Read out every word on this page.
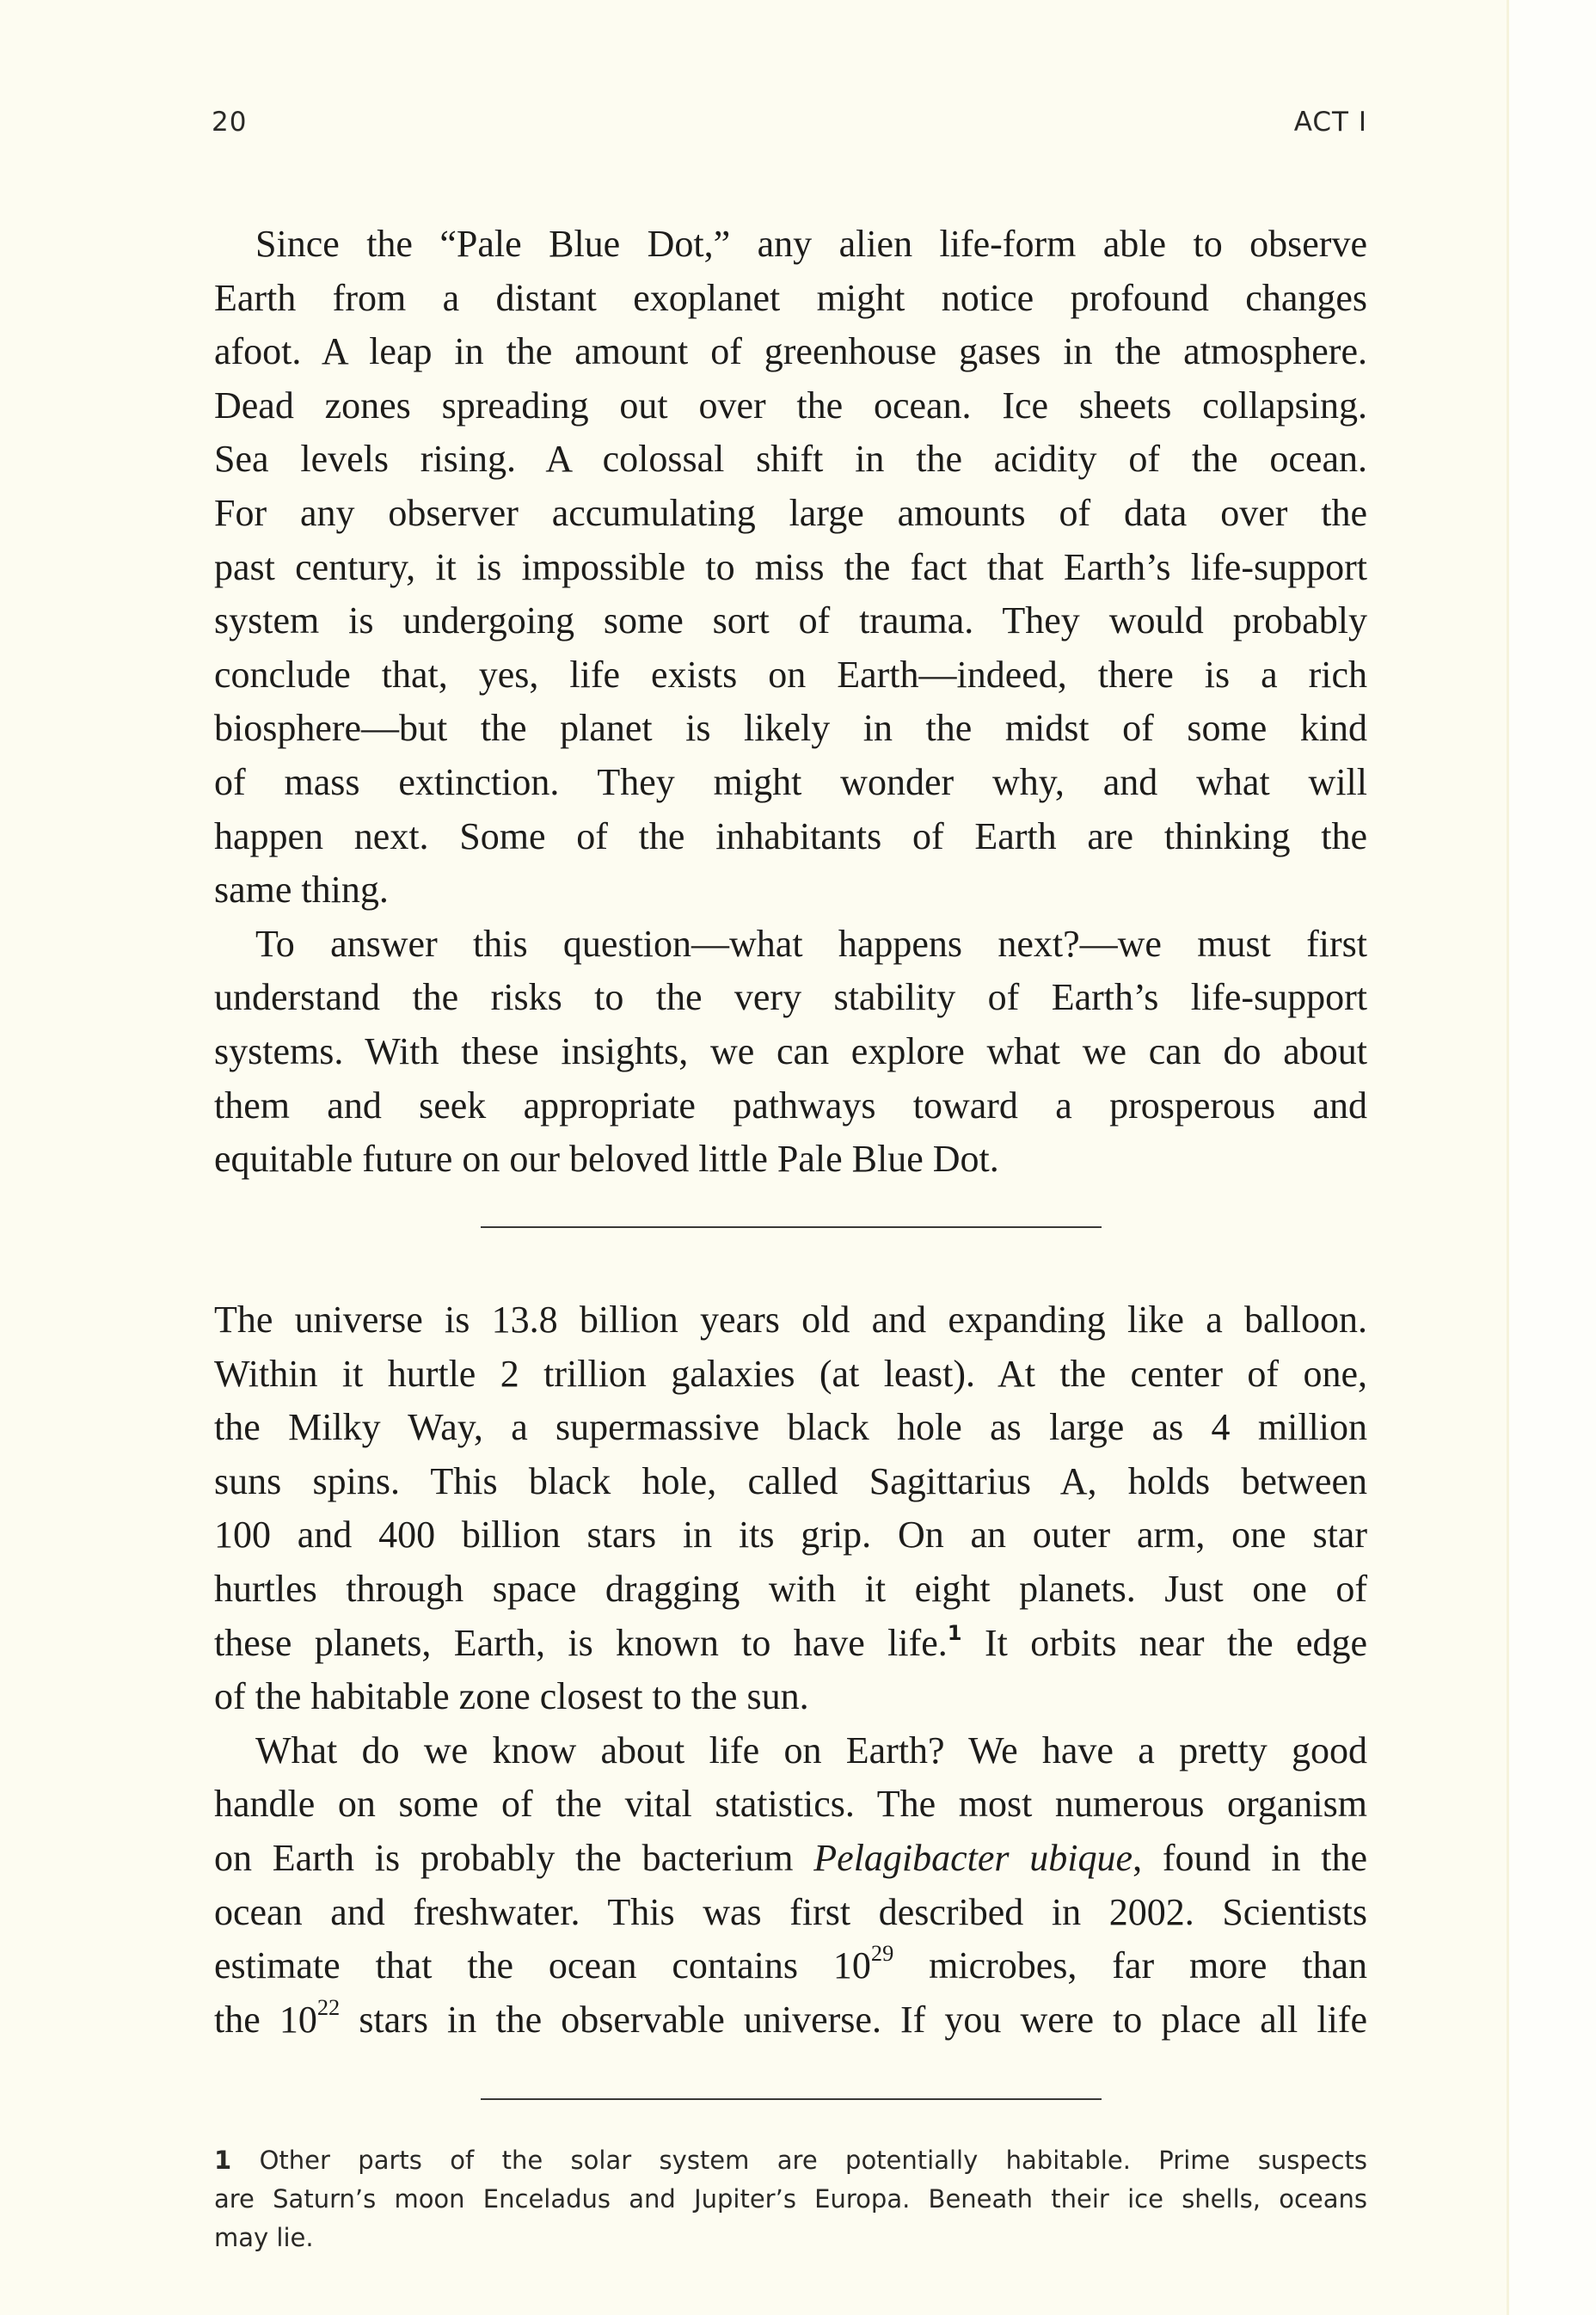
20	ACT I
Since the “Pale Blue Dot,” any alien life-form able to observe
Earth from a distant exoplanet might notice profound changes
afoot. A leap in the amount of greenhouse gases in the atmosphere.
Dead zones spreading out over the ocean. Ice sheets collapsing.
Sea levels rising. A colossal shift in the acidity of the ocean.
For any observer accumulating large amounts of data over the
past century, it is impossible to miss the fact that Earth’s life-support
system is undergoing some sort of trauma. They would probably
conclude that, yes, life exists on Earth—indeed, there is a rich
biosphere—but the planet is likely in the midst of some kind
of mass extinction. They might wonder why, and what will
happen next. Some of the inhabitants of Earth are thinking the
same thing.
To answer this question—what happens next?—we must first
understand the risks to the very stability of Earth’s life-support
systems. With these insights, we can explore what we can do about
them and seek appropriate pathways toward a prosperous and
equitable future on our beloved little Pale Blue Dot.
The universe is 13.8 billion years old and expanding like a balloon.
Within it hurtle 2 trillion galaxies (at least). At the center of one,
the Milky Way, a supermassive black hole as large as 4 million
suns spins. This black hole, called Sagittarius A, holds between
100 and 400 billion stars in its grip. On an outer arm, one star
hurtles through space dragging with it eight planets. Just one of
these planets, Earth, is known to have life.$^1$ It orbits near the edge
of the habitable zone closest to the sun.
What do we know about life on Earth? We have a pretty good
handle on some of the vital statistics. The most numerous organism
on Earth is probably the bacterium Pelagibacter ubique, found in the
ocean and freshwater. This was first described in 2002. Scientists
estimate that the ocean contains $10^{29}$ microbes, far more than
the $10^{22}$ stars in the observable universe. If you were to place all life
1 Other parts of the solar system are potentially habitable. Prime suspects
are Saturn’s moon Enceladus and Jupiter’s Europa. Beneath their ice shells, oceans
may lie.
